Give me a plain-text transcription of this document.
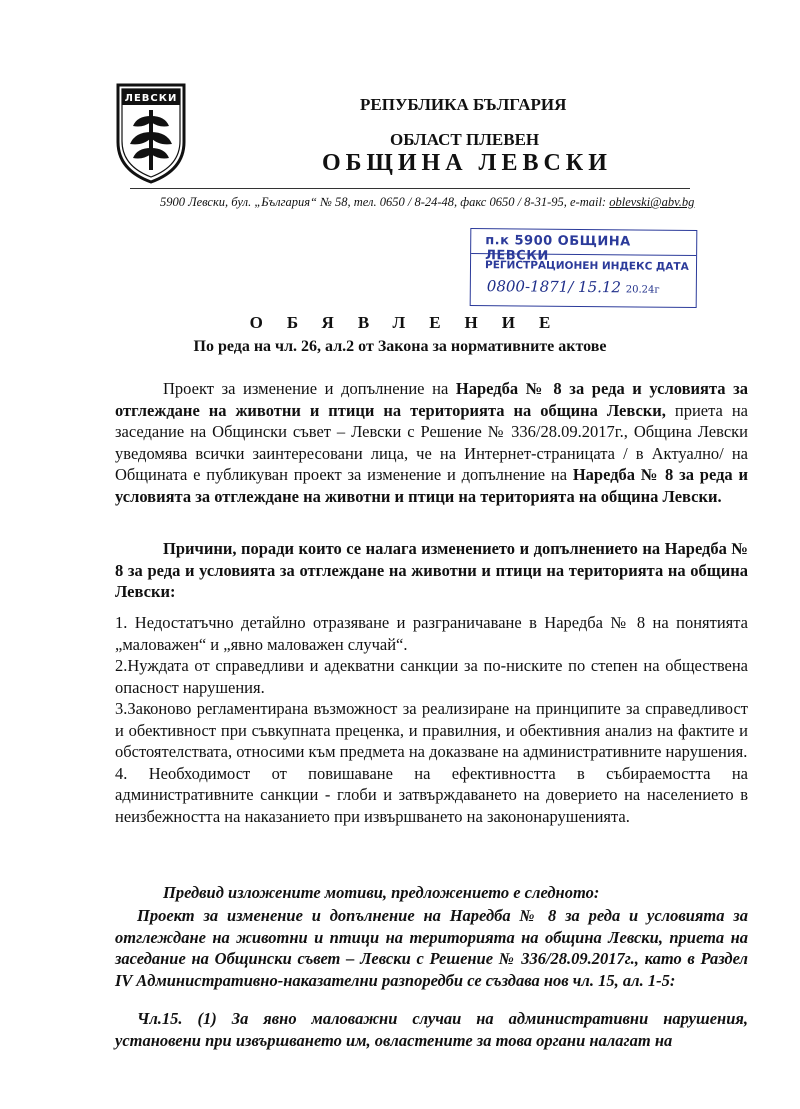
ЛЕВСКИ	РЕПУБЛИКА БЪЛГАРИЯ
ОБЛАСТ ПЛЕВЕН
ОБЩИНА ЛЕВСКИ
5900 Левски, бул. „България“ № 58, тел. 0650 / 8-24-48, факс 0650 / 8-31-95, e-mail: oblevski@abv.bg
п.к 5900 ОБЩИНА ЛЕВСКИ
РЕГИСТРАЦИОНЕН ИНДЕКС ДАТА
0800-1871/ 15.12 20.24г
ОБЯВЛЕНИЕ
По реда на чл. 26, ал.2 от Закона за нормативните актове
Проект за изменение и допълнение на Наредба № 8 за реда и условията за отглеждане на животни и птици на територията на община Левски, приета на заседание на Общински съвет – Левски с Решение № 336/28.09.2017г., Община Левски уведомява всички заинтересовани лица, че на Интернет-страницата / в Актуално/ на Общината е публикуван проект за изменение и допълнение на Наредба № 8 за реда и условията за отглеждане на животни и птици на територията на община Левски.
Причини, поради които се налага изменението и допълнението на Наредба № 8 за реда и условията за отглеждане на животни и птици на територията на община Левски:
1. Недостатъчно детайлно отразяване и разграничаване в Наредба № 8 на понятията „маловажен“ и „явно маловажен случай“.
2.Нуждата от справедливи и адекватни санкции за по-ниските по степен на обществена опасност нарушения.
3.Законово регламентирана възможност за реализиране на принципите за справедливост и обективност при съвкупната преценка, и правилния, и обективния анализ на фактите и обстоятелствата, относими към предмета на доказване на административните нарушения.
4. Необходимост от повишаване на ефективността в събираемостта на административните санкции - глоби и затвърждаването на доверието на населението в неизбежността на наказанието при извършването на закононарушенията.
Предвид изложените мотиви, предложението е следното:
Проект за изменение и допълнение на Наредба № 8 за реда и условията за отглеждане на животни и птици на територията на община Левски, приета на заседание на Общински съвет – Левски с Решение № 336/28.09.2017г., като в Раздел IV Административно-наказателни разпоредби се създава нов чл. 15, ал. 1-5:
Чл.15. (1) За явно маловажни случаи на административни нарушения, установени при извършването им, овластените за това органи налагат на
